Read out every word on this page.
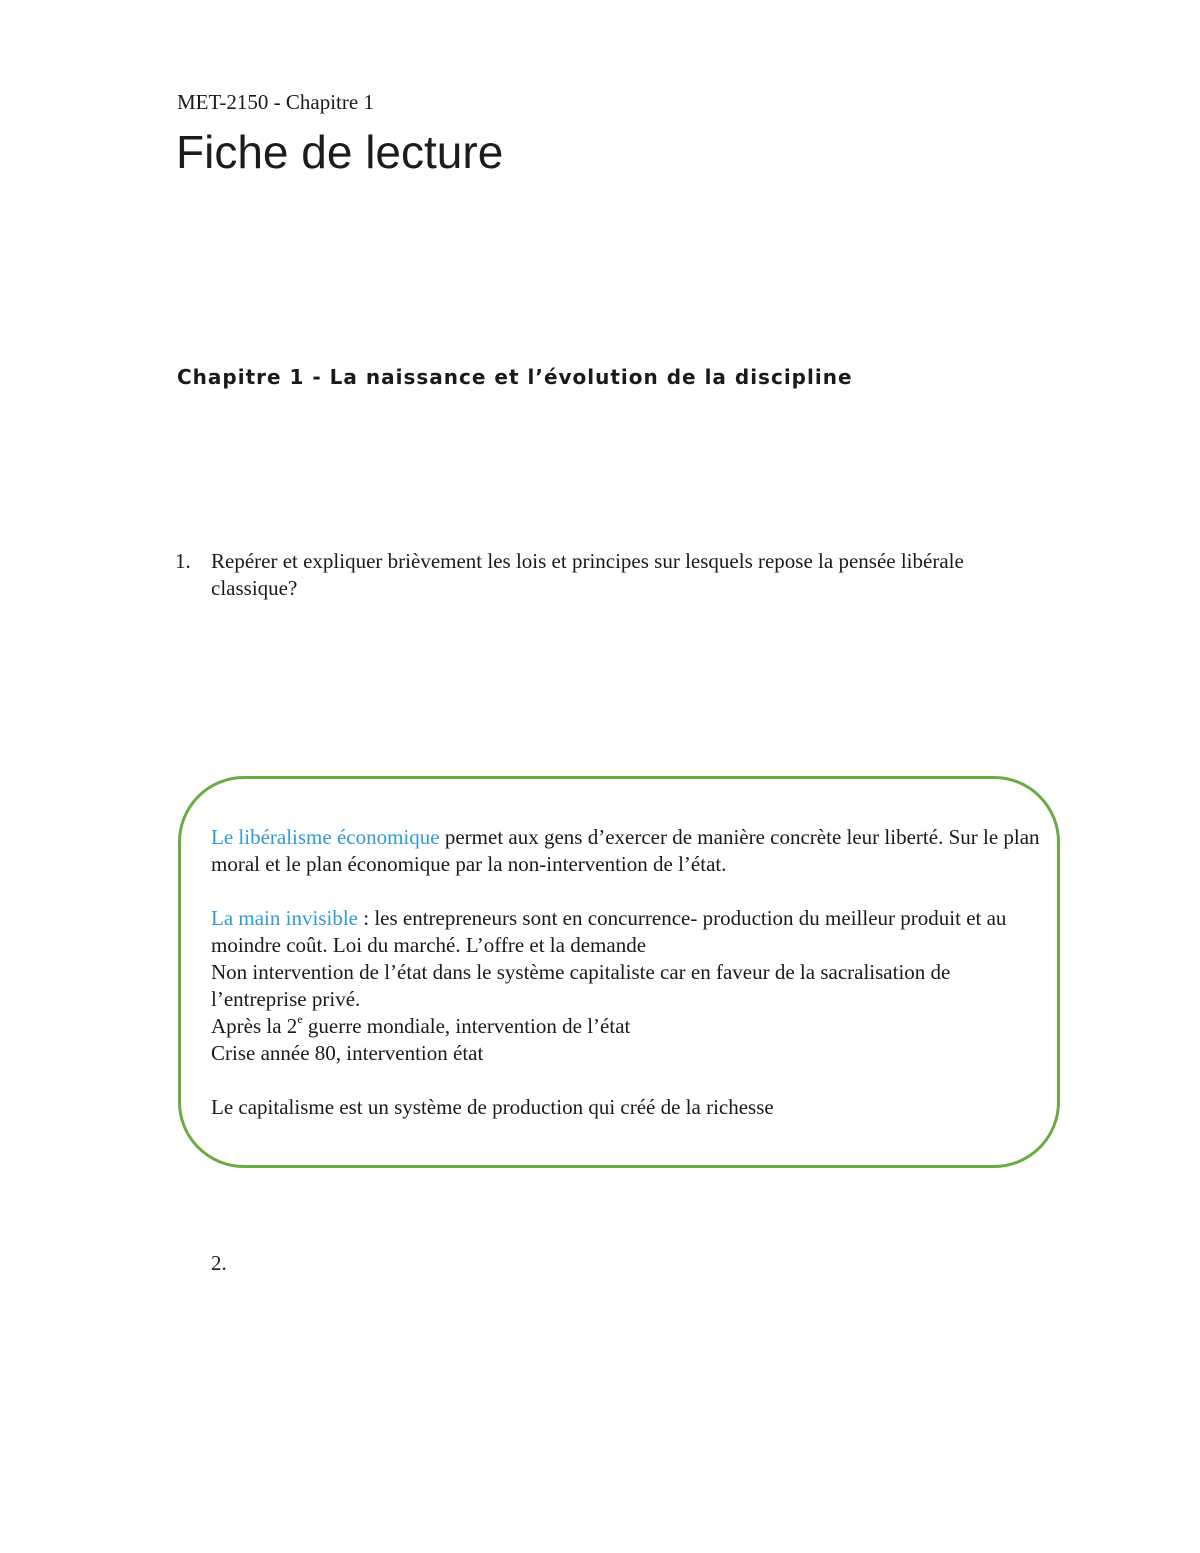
MET-2150 - Chapitre 1
Fiche de lecture
Chapitre 1 - La naissance et l’évolution de la discipline
1. Repérer et expliquer brièvement les lois et principes sur lesquels repose la pensée libérale classique?

Le libéralisme économique permet aux gens d’exercer de manière concrète leur liberté. Sur le plan moral et le plan économique par la non-intervention de l’état.

La main invisible : les entrepreneurs sont en concurrence- production du meilleur produit et au moindre coût. Loi du marché. L’offre et la demande

Non intervention de l’état dans le système capitaliste car en faveur de la sacralisation de l’entreprise privé.

Après la 2e guerre mondiale, intervention de l’état

Crise année 80, intervention état

Le capitalisme est un système de production qui créé de la richesse

2.
